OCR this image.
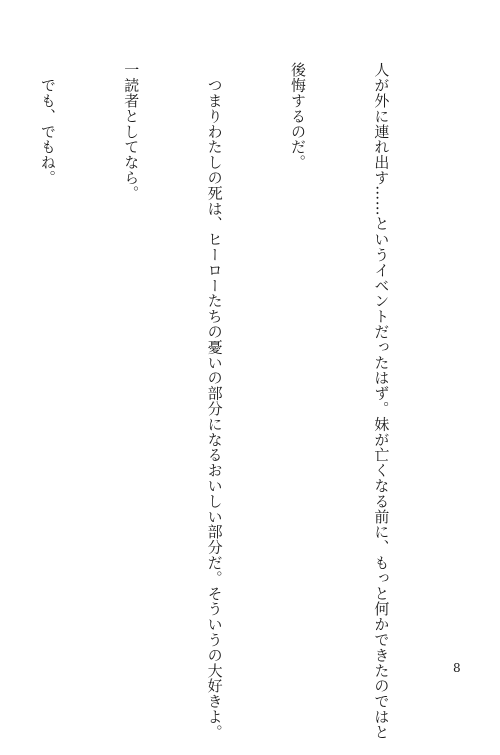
人が外に連れ出す……というイベントだったはず。妹が亡くなる前に、もっと何かできたのではと

後悔するのだ。

　つまりわたしの死は、ヒーローたちの憂いの部分になるおいしい部分だ。そういうの大好きよ。

一読者としてなら。

　でも、でもね。

8
